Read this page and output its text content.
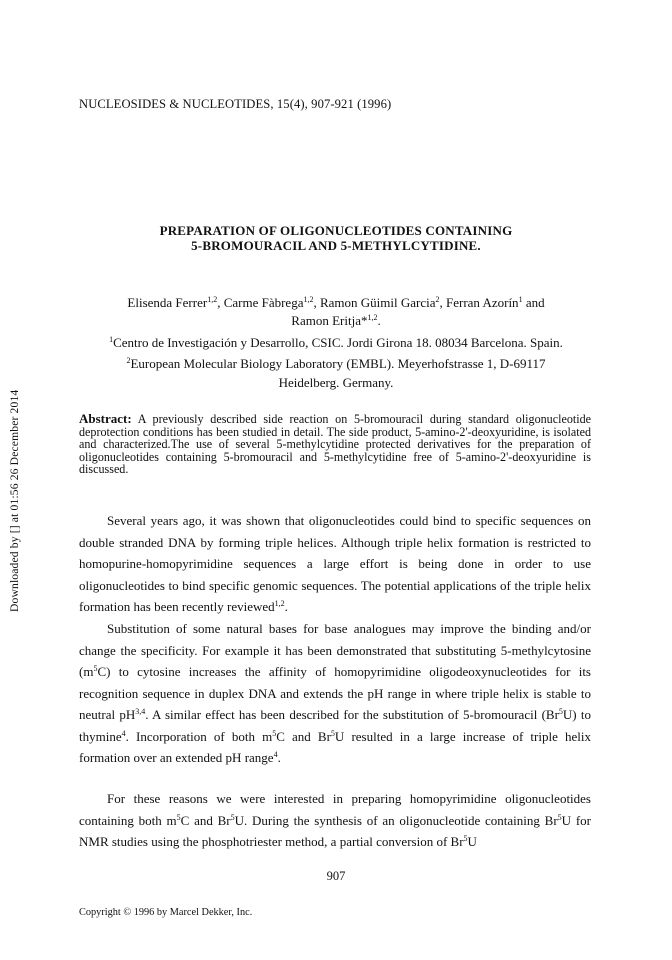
Downloaded by [] at 01:56 26 December 2014
NUCLEOSIDES & NUCLEOTIDES, 15(4), 907-921 (1996)
PREPARATION OF OLIGONUCLEOTIDES CONTAINING
5-BROMOURACIL AND 5-METHYLCYTIDINE.
Elisenda Ferrer$^{1,2}$, Carme Fàbrega$^{1,2}$, Ramon Güimil Garcia$^2$, Ferran Azorín$^1$ and
Ramon Eritja*$^{1,2}$.
$^1$Centro de Investigación y Desarrollo, CSIC. Jordi Girona 18. 08034 Barcelona. Spain.
$^2$European Molecular Biology Laboratory (EMBL). Meyerhofstrasse 1, D-69117
Heidelberg. Germany.
Abstract: A previously described side reaction on 5-bromouracil during standard oligonucleotide deprotection conditions has been studied in detail. The side product, 5-amino-2'-deoxyuridine, is isolated and characterized.The use of several 5-methylcytidine protected derivatives for the preparation of oligonucleotides containing 5-bromouracil and 5-methylcytidine free of 5-amino-2'-deoxyuridine is discussed.
Several years ago, it was shown that oligonucleotides could bind to specific sequences on double stranded DNA by forming triple helices. Although triple helix formation is restricted to homopurine-homopyrimidine sequences a large effort is being done in order to use oligonucleotides to bind specific genomic sequences. The potential applications of the triple helix formation has been recently reviewed$^{1,2}$.
Substitution of some natural bases for base analogues may improve the binding and/or change the specificity. For example it has been demonstrated that substituting 5-methylcytosine $(m^5C)$ to cytosine increases the affinity of homopyrimidine oligodeoxynucleotides for its recognition sequence in duplex DNA and extends the pH range in where triple helix is stable to neutral pH$^{3,4}$. A similar effect has been described for the substitution of 5-bromouracil (Br$^5$U) to thymine$^4$. Incorporation of both $m^5C$ and Br$^5$U resulted in a large increase of triple helix formation over an extended pH range$^4$.
For these reasons we were interested in preparing homopyrimidine oligonucleotides containing both $m^5C$ and Br$^5$U. During the synthesis of an oligonucleotide containing Br$^5$U for NMR studies using the phosphotriester method, a partial conversion of Br$^5$U
907
Copyright © 1996 by Marcel Dekker, Inc.
